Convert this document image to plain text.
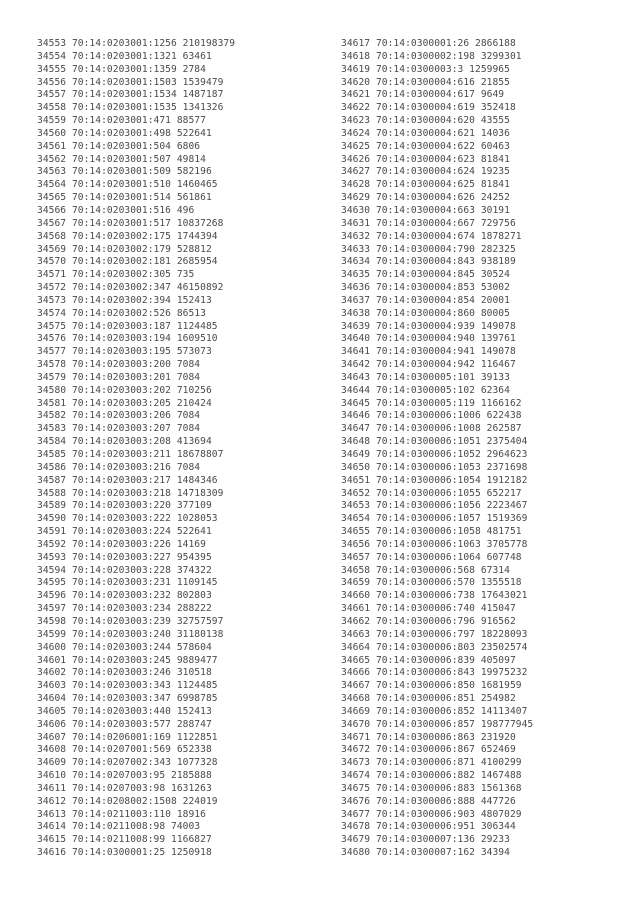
34553 70:14:0203001:1256 210198379
34554 70:14:0203001:1321 63461
34555 70:14:0203001:1359 2784
34556 70:14:0203001:1503 1539479
34557 70:14:0203001:1534 1487187
34558 70:14:0203001:1535 1341326
34559 70:14:0203001:471 88577
34560 70:14:0203001:498 522641
34561 70:14:0203001:504 6806
34562 70:14:0203001:507 49814
34563 70:14:0203001:509 582196
34564 70:14:0203001:510 1460465
34565 70:14:0203001:514 561861
34566 70:14:0203001:516 496
34567 70:14:0203001:517 10837268
34568 70:14:0203002:175 1744394
34569 70:14:0203002:179 528812
34570 70:14:0203002:181 2685954
34571 70:14:0203002:305 735
34572 70:14:0203002:347 46150892
34573 70:14:0203002:394 152413
34574 70:14:0203002:526 86513
34575 70:14:0203003:187 1124485
34576 70:14:0203003:194 1609510
34577 70:14:0203003:195 573073
34578 70:14:0203003:200 7084
34579 70:14:0203003:201 7084
34580 70:14:0203003:202 710256
34581 70:14:0203003:205 210424
34582 70:14:0203003:206 7084
34583 70:14:0203003:207 7084
34584 70:14:0203003:208 413694
34585 70:14:0203003:211 18678807
34586 70:14:0203003:216 7084
34587 70:14:0203003:217 1484346
34588 70:14:0203003:218 14718309
34589 70:14:0203003:220 377109
34590 70:14:0203003:222 1028053
34591 70:14:0203003:224 522641
34592 70:14:0203003:226 14169
34593 70:14:0203003:227 954395
34594 70:14:0203003:228 374322
34595 70:14:0203003:231 1109145
34596 70:14:0203003:232 802803
34597 70:14:0203003:234 288222
34598 70:14:0203003:239 32757597
34599 70:14:0203003:240 31180138
34600 70:14:0203003:244 578604
34601 70:14:0203003:245 9889477
34602 70:14:0203003:246 310518
34603 70:14:0203003:343 1124485
34604 70:14:0203003:347 6998785
34605 70:14:0203003:440 152413
34606 70:14:0203003:577 288747
34607 70:14:0206001:169 1122851
34608 70:14:0207001:569 652338
34609 70:14:0207002:343 1077328
34610 70:14:0207003:95 2185888
34611 70:14:0207003:98 1631263
34612 70:14:0208002:1508 224019
34613 70:14:0211003:110 18916
34614 70:14:0211008:98 74003
34615 70:14:0211008:99 1166827
34616 70:14:0300001:25 1250918
34617 70:14:0300001:26 2866188
34618 70:14:0300002:198 3299301
34619 70:14:0300003:3 1259965
34620 70:14:0300004:616 21855
34621 70:14:0300004:617 9649
34622 70:14:0300004:619 352418
34623 70:14:0300004:620 43555
34624 70:14:0300004:621 14036
34625 70:14:0300004:622 60463
34626 70:14:0300004:623 81841
34627 70:14:0300004:624 19235
34628 70:14:0300004:625 81841
34629 70:14:0300004:626 24252
34630 70:14:0300004:663 30191
34631 70:14:0300004:667 729756
34632 70:14:0300004:674 1878271
34633 70:14:0300004:790 282325
34634 70:14:0300004:843 938189
34635 70:14:0300004:845 30524
34636 70:14:0300004:853 53002
34637 70:14:0300004:854 20001
34638 70:14:0300004:860 80005
34639 70:14:0300004:939 149078
34640 70:14:0300004:940 139761
34641 70:14:0300004:941 149078
34642 70:14:0300004:942 116467
34643 70:14:0300005:101 39133
34644 70:14:0300005:102 62364
34645 70:14:0300005:119 1166162
34646 70:14:0300006:1006 622438
34647 70:14:0300006:1008 262587
34648 70:14:0300006:1051 2375404
34649 70:14:0300006:1052 2964623
34650 70:14:0300006:1053 2371698
34651 70:14:0300006:1054 1912182
34652 70:14:0300006:1055 652217
34653 70:14:0300006:1056 2223467
34654 70:14:0300006:1057 1519369
34655 70:14:0300006:1058 481751
34656 70:14:0300006:1063 3705778
34657 70:14:0300006:1064 607748
34658 70:14:0300006:568 67314
34659 70:14:0300006:570 1355518
34660 70:14:0300006:738 17643021
34661 70:14:0300006:740 415047
34662 70:14:0300006:796 916562
34663 70:14:0300006:797 18228093
34664 70:14:0300006:803 23502574
34665 70:14:0300006:839 405097
34666 70:14:0300006:843 19975232
34667 70:14:0300006:850 1681959
34668 70:14:0300006:851 254982
34669 70:14:0300006:852 14113407
34670 70:14:0300006:857 198777945
34671 70:14:0300006:863 231920
34672 70:14:0300006:867 652469
34673 70:14:0300006:871 4100299
34674 70:14:0300006:882 1467488
34675 70:14:0300006:883 1561368
34676 70:14:0300006:888 447726
34677 70:14:0300006:903 4807029
34678 70:14:0300006:951 306344
34679 70:14:0300007:136 29233
34680 70:14:0300007:162 34394
